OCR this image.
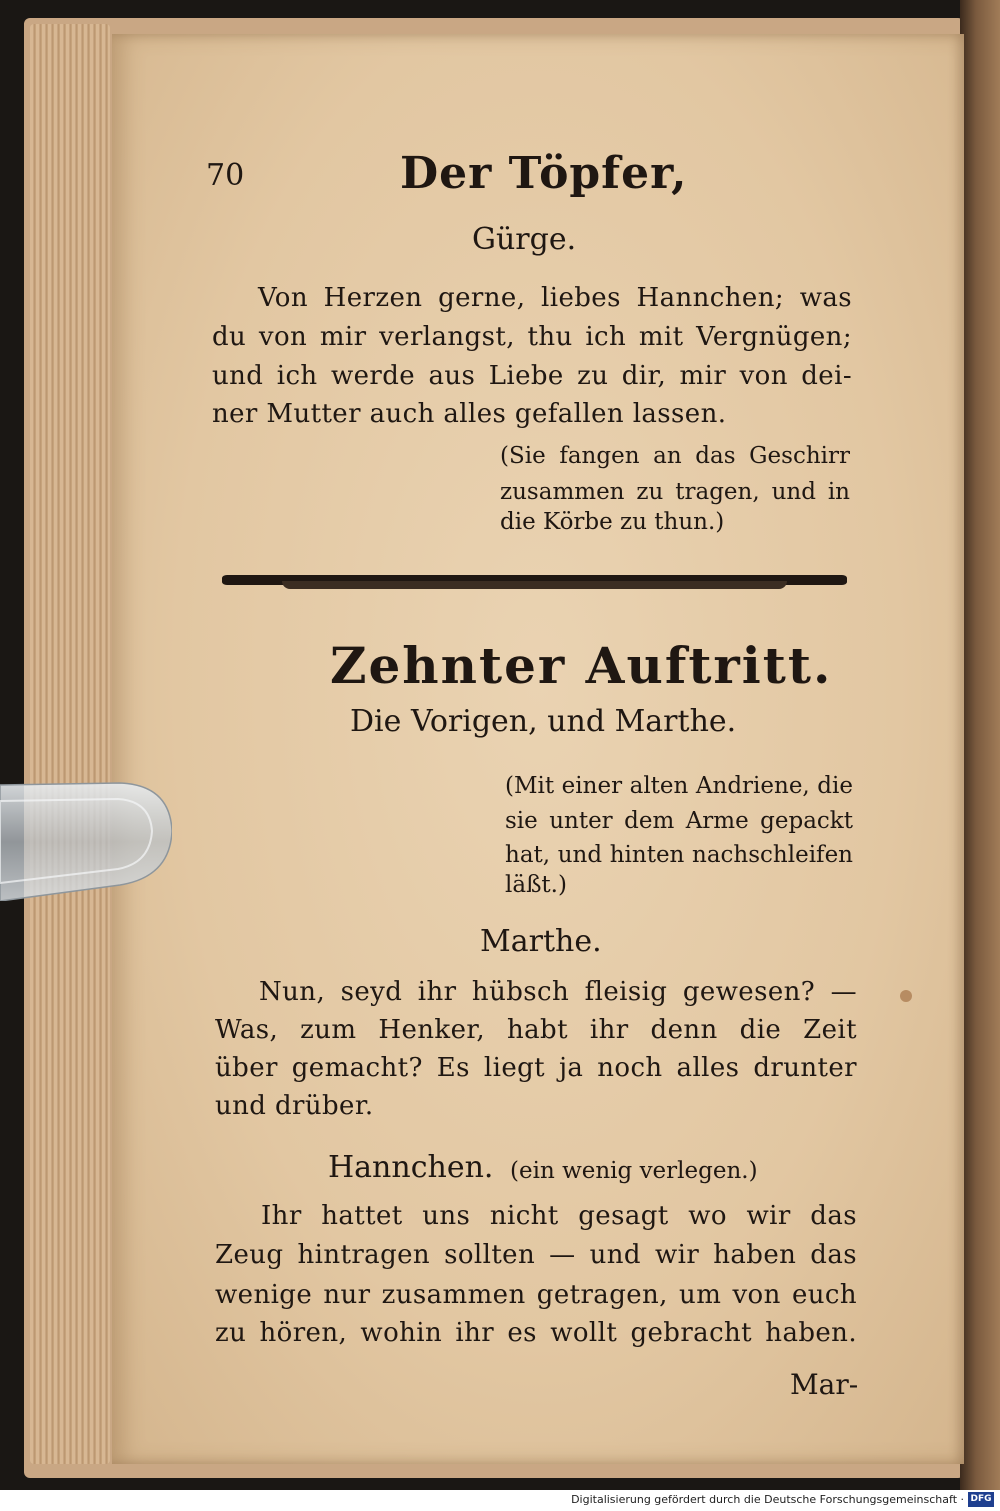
70	Der Töpfer,
Gürge.
Von Herzen gerne, liebes Hannchen; was
du von mir verlangst, thu ich mit Vergnügen;
und ich werde aus Liebe zu dir, mir von dei-
ner Mutter auch alles gefallen lassen.
(Sie fangen an das Geschirr
zusammen zu tragen, und in
die Körbe zu thun.)
Zehnter Auftritt.
Die Vorigen, und Marthe.
(Mit einer alten Andriene, die
sie unter dem Arme gepackt
hat, und hinten nachschleifen
läßt.)
Marthe.
Nun, seyd ihr hübsch fleisig gewesen? —
Was, zum Henker, habt ihr denn die Zeit
über gemacht? Es liegt ja noch alles drunter
und drüber.
Hannchen. (ein wenig verlegen.)
Ihr hattet uns nicht gesagt wo wir das
Zeug hintragen sollten — und wir haben das
wenige nur zusammen getragen, um von euch
zu hören, wohin ihr es wollt gebracht haben.
Mar-
Digitalisierung gefördert durch die Deutsche Forschungsgemeinschaft · DFG
